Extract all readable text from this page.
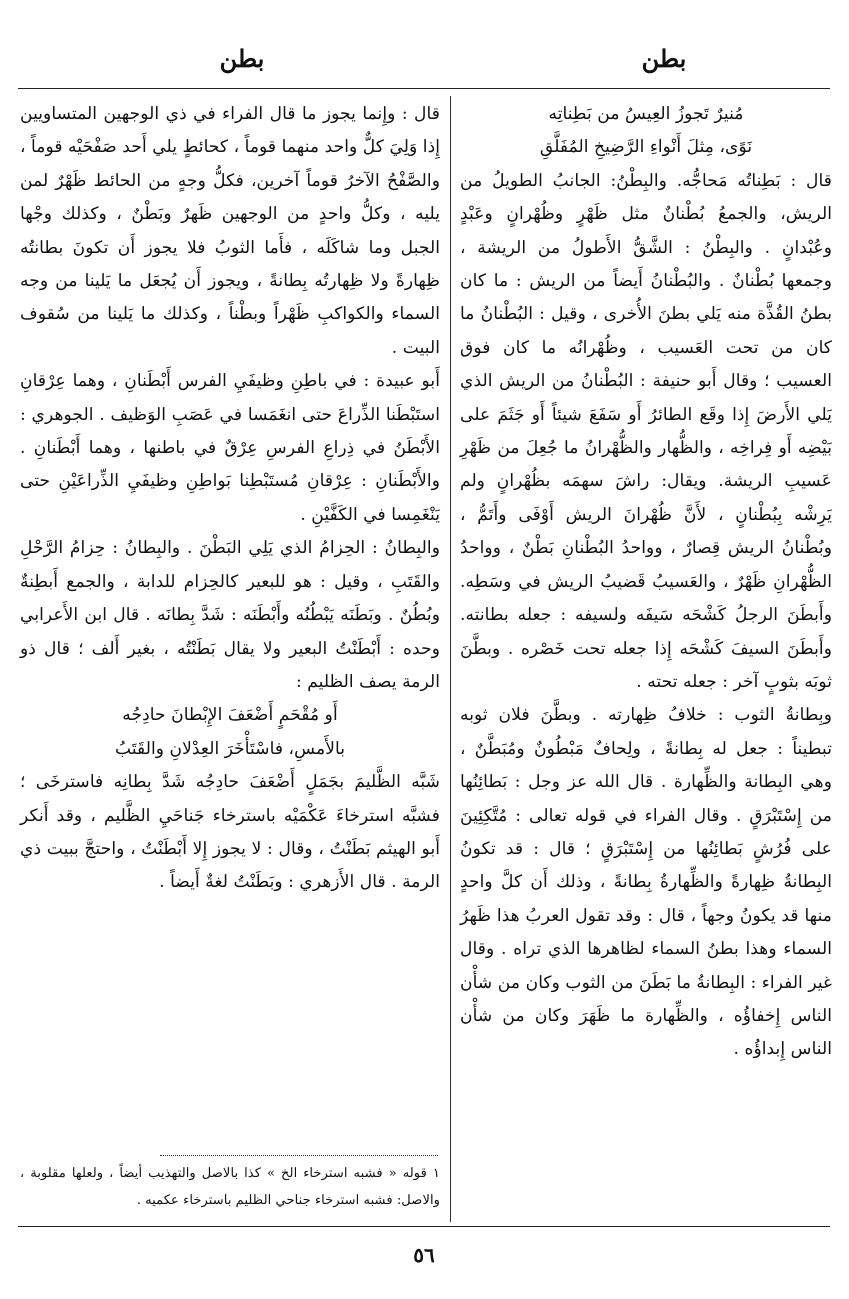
بطن
بطن

مُنيرٌ تَجوزُ العِيسُ من بَطِناتِه

نَوًى، مِثلَ أَنْواءِ الرَّضِيخِ المُفَلَّقِ

قال : بَطِناتُه مَحاجُّه. والبِطْنُ: الجانبُ الطويلُ من الريش، والجمعُ بُطْنانٌ مثل ظَهْرٍ وظُهْرانٍ وعَبْدٍ وعُبْدانٍ . والبِطْنُ : الشَّقُّ الأَطولُ من الريشة ، وجمعها بُطْنانٌ . والبُطْنانُ أَيضاً من الريش : ما كان بطنُ القُذَّة منه يَلي بطنَ الأُخرى ، وقيل : البُطْنانُ ما كان من تحت العَسيب ، وظُهْرانُه ما كان فوق العسيب ؛ وقال أَبو حنيفة : البُطْنانُ من الريش الذي يَلي الأَرضَ إِذا وقَع الطائرُ أَو سَفَعَ شيئاً أَو جَثَمَ على بَيْضِه أَو فِراخِه ، والظُّهار والظُّهْرانُ ما جُعِلَ من ظَهْرِ عَسيبِ الريشة. ويقال: راشَ سهمَه بظُهْرانٍ ولم يَرِشْه بِبُطْنانٍ ، لأَنَّ ظُهْرانَ الريش أَوْفَى وأَتَمُّ ، وبُطْنانُ الريش قِصارٌ ، وواحدُ البُطْنانِ بَطْنٌ ، وواحدُ الظُّهْرانِ ظَهْرٌ ، والعَسيبُ قَضيبُ الريش في وسَطِه. وأَبطَنَ الرجلُ كَشْحَه سَيفَه ولسيفه : جعله بطانته. وأَبطَنَ السيفَ كَشْحَه إِذا جعله تحت خَصْره . وبطَّنَ ثوبَه بثوبٍ آخر : جعله تحته .

وبِطانةُ الثوب : خلافُ ظِهارته . وبطَّنَ فلان ثوبه تبطيناً : جعل له بِطانةً ، ولِحافٌ مَبْطُونٌ ومُبَطَّنٌ ، وهي البِطانة والظِّهارة . قال الله عز وجل : بَطائِنُها من إِسْتَبْرَقٍ . وقال الفراء في قوله تعالى : مُتَّكِئِينَ على فُرُشٍ بَطائِنُها من إِسْتَبْرَقٍ ؛ قال : قد تكونُ البِطانةُ ظِهارةً والظِّهارةُ بِطانةً ، وذلك أَن كلَّ واحدٍ منها قد يكونُ وجهاً ، قال : وقد تقول العربُ هذا ظَهرُ السماء وهذا بطنُ السماء لظاهرها الذي تراه . وقال غير الفراء : البِطانةُ ما بَطَنَ من الثوب وكان من شأْن الناس إِخفاؤُه ، والظِّهارة ما ظَهَرَ وكان من شأْن الناس إِبداؤُه .

قال : وإِنما يجوز ما قال الفراء في ذي الوجهين المتساويين إِذا وَلِيَ كلٌّ واحد منهما قوماً ، كحائطٍ يلي أَحد صَفْحَيْه قوماً ، والصَّفْحُ الآخرُ قوماً آخرين، فكلُّ وجهٍ من الحائط ظَهْرٌ لمن يليه ، وكلُّ واحدٍ من الوجهين ظَهرٌ وبَطْنٌ ، وكذلك وجْها الجبل وما شاكَلَه ، فأَما الثوبُ فلا يجوز أَن تكونَ بطانتُه ظِهارةً ولا ظِهارتُه بِطانةً ، ويجوز أَن يُجعَل ما يَلينا من وجه السماء والكواكبِ ظَهْراً وبطْناً ، وكذلك ما يَلينا من سُقوف البيت .

أَبو عبيدة : في باطِنِ وظيفَيِ الفرس أَبْطَنانِ ، وهما عِرْقانِ استَبْطَنا الذِّراعَ حتى انغَمَسا في عَصَبِ الوَظيف . الجوهري : الأَبْطَنُ في ذِراعِ الفرسِ عِرْقٌ في باطنها ، وهما أَبْطَنانِ . والأَبْطَنانِ : عِرْقانِ مُستَبْطِنا بَواطِنِ وظيفَيِ الذِّراعَيْنِ حتى يَنْغَمِسا في الكَفَّيْنِ .

والبِطانُ : الحِزامُ الذي يَلِي البَطْنَ . والبِطانُ : حِزامُ الرَّحْلِ والقَتَبِ ، وقيل : هو للبعير كالحِزام للدابة ، والجمع أَبطِنةٌ وبُطُنٌ . وبَطَنَه يَبْطُنُه وأَبْطَنَه : شَدَّ بِطانَه . قال ابن الأَعرابي وحده : أَبْطَنْتُ البعير ولا يقال بَطَنْتُه ، بغير أَلف ؛ قال ذو الرمة يصف الظليم :

أَو مُقْحَمٍ أَضْعَفَ الإِبْطانَ حادِجُه

بالأَمسِ، فاسْتَأْخَرَ العِدْلانِ والقَتَبُ

شَبَّه الظَّليمَ بجَمَلٍ أَضْعَفَ حادِجُه شَدَّ بِطانِه فاسترخَى ؛ فشبَّه استرخاءَ عَكْمَيْه باسترخاء جَناحَيِ الظَّليم ، وقد أَنكر أَبو الهيثم بَطَنْتُ ، وقال : لا يجوز إِلا أَبْطَنْتُ ، واحتجَّ ببيت ذي الرمة . قال الأَزهري : وبَطَنْتُ لغةٌ أَيضاً .

١ قوله « فشبه استرخاء الخ » كذا بالاصل والتهذيب أيضاً ، ولعلها مقلوبة ، والاصل: فشبه استرخاء جناحي الظليم باسترخاء عكميه .
٥٦
